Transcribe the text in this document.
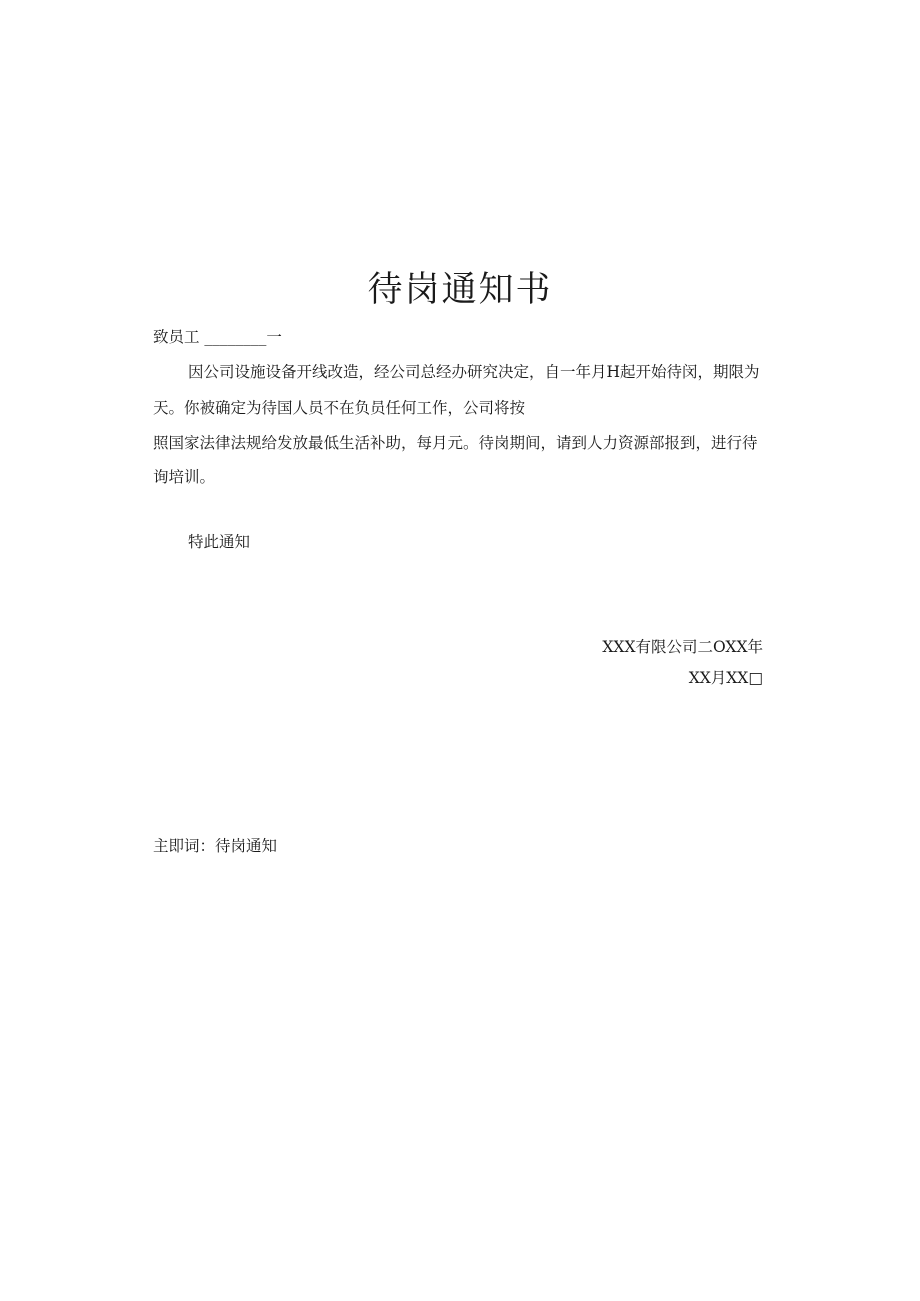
待岗通知书
致员工 ________一
因公司设施设备开线改造，经公司总经办研究决定，自一年月H起开始待闵，期限为
天。你被确定为待国人员不在负员任何工作，公司将按
照国家法律法规给发放最低生活补助，每月元。待岗期间，请到人力资源部报到，进行待
询培训。
特此通知
XXX有限公司二OXX年
XX月XX□
主即词：待岗通知
